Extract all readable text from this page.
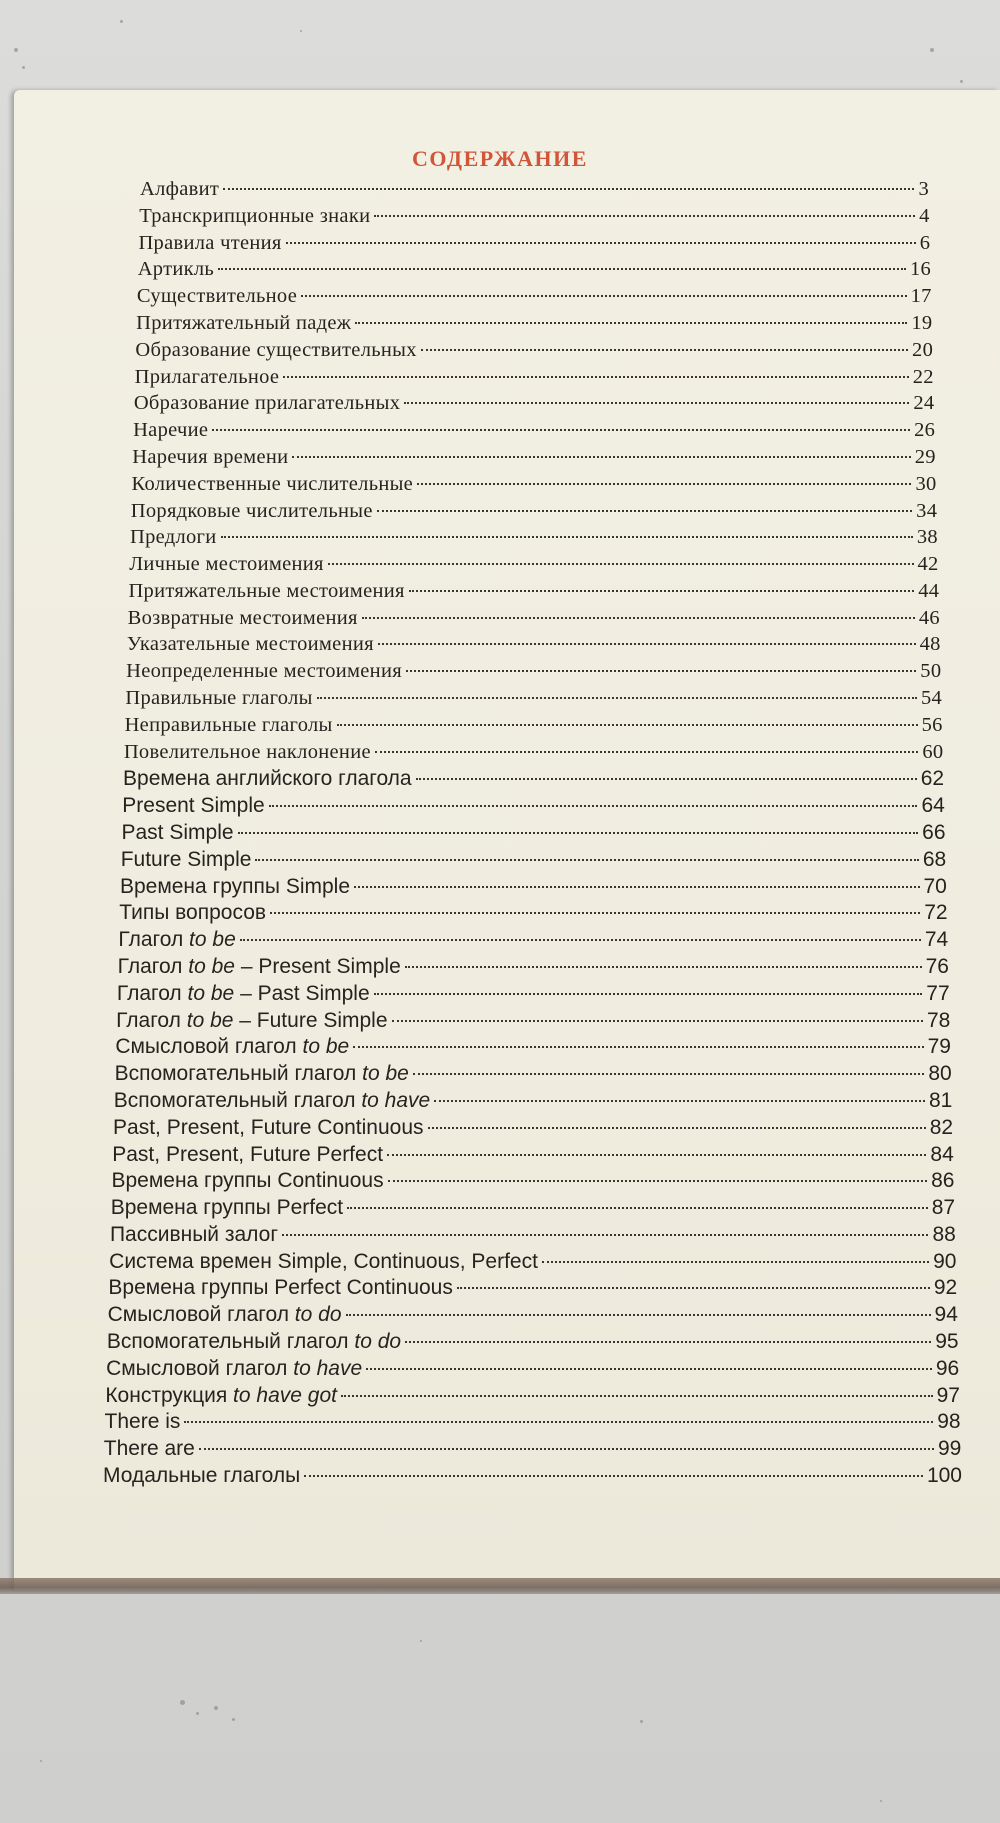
СОДЕРЖАНИЕ
Алфавит	3
Транскрипционные знаки	4
Правила чтения	6
Артикль	16
Существительное	17
Притяжательный падеж	19
Образование существительных	20
Прилагательное	22
Образование прилагательных	24
Наречие	26
Наречия времени	29
Количественные числительные	30
Порядковые числительные	34
Предлоги	38
Личные местоимения	42
Притяжательные местоимения	44
Возвратные местоимения	46
Указательные местоимения	48
Неопределенные местоимения	50
Правильные глаголы	54
Неправильные глаголы	56
Повелительное наклонение	60
Времена английского глагола	62
Present Simple	64
Past Simple	66
Future Simple	68
Времена группы Simple	70
Типы вопросов	72
Глагол to be	74
Глагол to be – Present Simple	76
Глагол to be – Past Simple	77
Глагол to be – Future Simple	78
Смысловой глагол to be	79
Вспомогательный глагол to be	80
Вспомогательный глагол to have	81
Past, Present, Future Continuous	82
Past, Present, Future Perfect	84
Времена группы Continuous	86
Времена группы Perfect	87
Пассивный залог	88
Система времен Simple, Continuous, Perfect	90
Времена группы Perfect Continuous	92
Смысловой глагол to do	94
Вспомогательный глагол to do	95
Смысловой глагол to have	96
Конструкция to have got	97
There is	98
There are	99
Модальные глаголы	100
